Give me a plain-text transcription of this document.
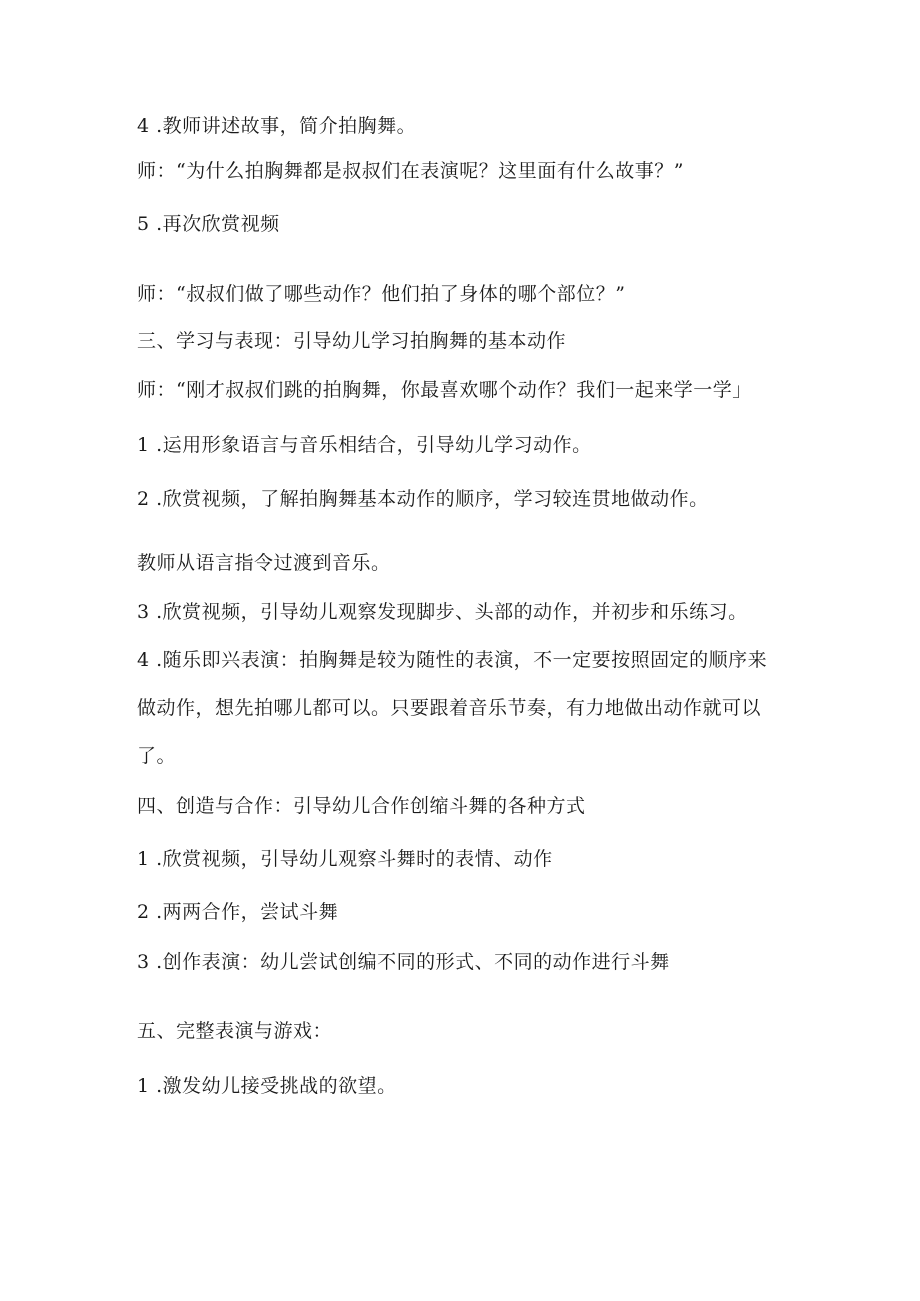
4 .教师讲述故事，简介拍胸舞。
师：“为什么拍胸舞都是叔叔们在表演呢？这里面有什么故事？”
5 .再次欣赏视频
师：“叔叔们做了哪些动作？他们拍了身体的哪个部位？”
三、学习与表现：引导幼儿学习拍胸舞的基本动作
师：“刚才叔叔们跳的拍胸舞，你最喜欢哪个动作？我们一起来学一学」
1 .运用形象语言与音乐相结合，引导幼儿学习动作。
2 .欣赏视频，了解拍胸舞基本动作的顺序，学习较连贯地做动作。
教师从语言指令过渡到音乐。
3 .欣赏视频，引导幼儿观察发现脚步、头部的动作，并初步和乐练习。
4 .随乐即兴表演：拍胸舞是较为随性的表演，不一定要按照固定的顺序来
做动作，想先拍哪儿都可以。只要跟着音乐节奏，有力地做出动作就可以
了。
四、创造与合作：引导幼儿合作创缩斗舞的各种方式
1 .欣赏视频，引导幼儿观察斗舞时的表情、动作
2 .两两合作，尝试斗舞
3 .创作表演：幼儿尝试创编不同的形式、不同的动作进行斗舞
五、完整表演与游戏：
1 .激发幼儿接受挑战的欲望。
